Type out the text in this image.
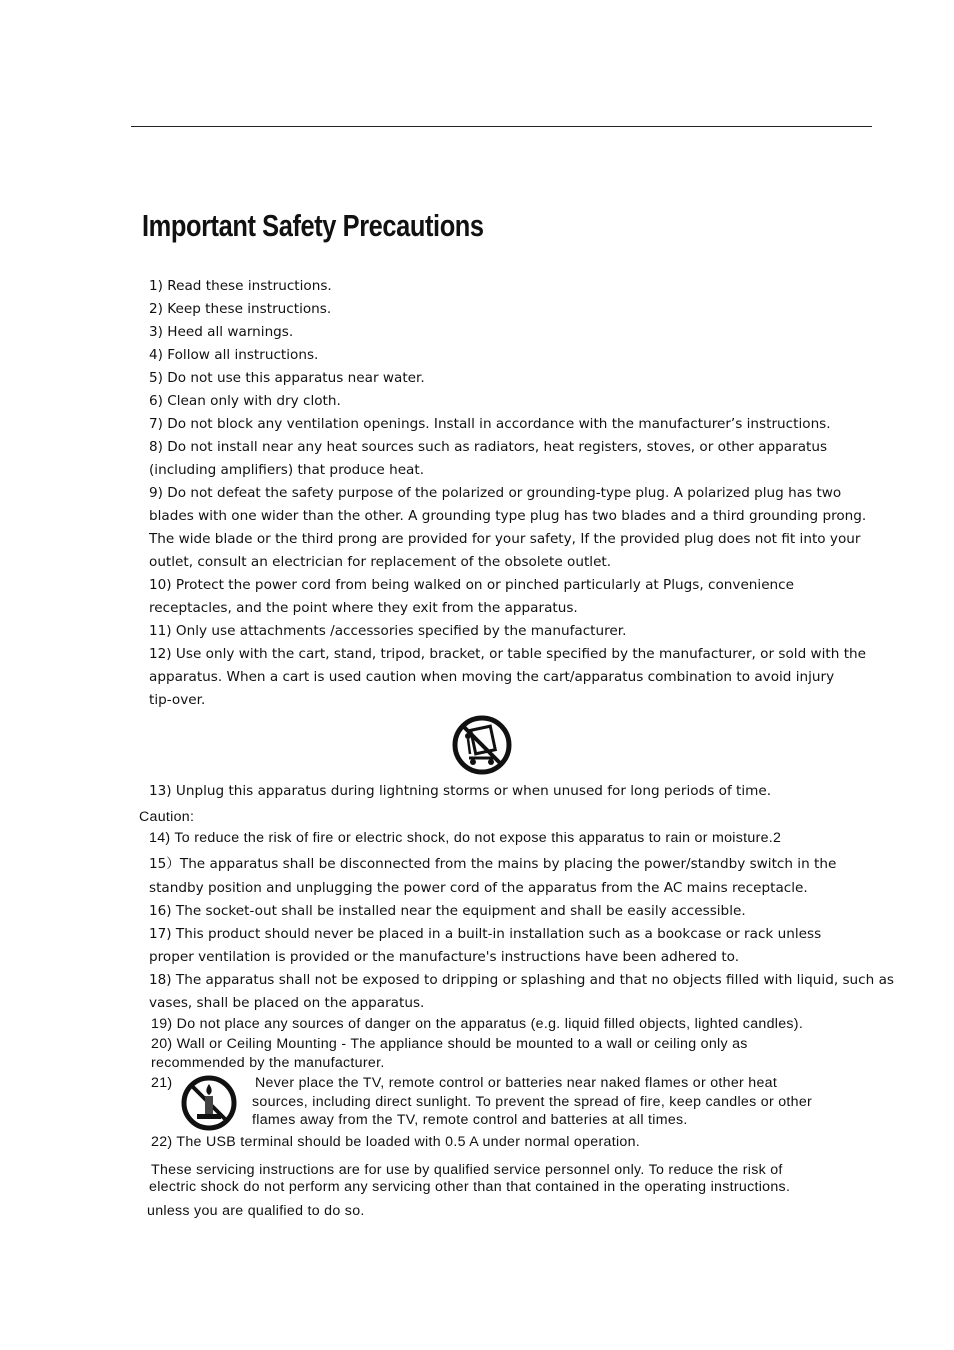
Important Safety Precautions
1) Read these instructions.
2) Keep these instructions.
3) Heed all warnings.
4) Follow all instructions.
5) Do not use this apparatus near water.
6) Clean only with dry cloth.
7) Do not block any ventilation openings. Install in accordance with the manufacturer’s instructions.
8) Do not install near any heat sources such as radiators, heat registers, stoves, or other apparatus
(including amplifiers) that produce heat.
9) Do not defeat the safety purpose of the polarized or grounding-type plug. A polarized plug has two
blades with one wider than the other. A grounding type plug has two blades and a third grounding prong.
The wide blade or the third prong are provided for your safety, If the provided plug does not fit into your
outlet, consult an electrician for replacement of the obsolete outlet.
10) Protect the power cord from being walked on or pinched particularly at Plugs, convenience
receptacles, and the point where they exit from the apparatus.
11) Only use attachments /accessories specified by the manufacturer.
12) Use only with the cart, stand, tripod, bracket, or table specified by the manufacturer, or sold with the
apparatus. When a cart is used caution when moving the cart/apparatus combination to avoid injury
tip-over.
13) Unplug this apparatus during lightning storms or when unused for long periods of time.
Caution:
14) To reduce the risk of fire or electric shock, do not expose this apparatus to rain or moisture.2
15）The apparatus shall be disconnected from the mains by placing the power/standby switch in the
standby position and unplugging the power cord of the apparatus from the AC mains receptacle.
16) The socket-out shall be installed near the equipment and shall be easily accessible.
17) This product should never be placed in a built-in installation such as a bookcase or rack unless
proper ventilation is provided or the manufacture's instructions have been adhered to.
18) The apparatus shall not be exposed to dripping or splashing and that no objects filled with liquid, such as
vases, shall be placed on the apparatus.
19) Do not place any sources of danger on the apparatus (e.g. liquid filled objects, lighted candles).
20) Wall or Ceiling Mounting - The appliance should be mounted to a wall or ceiling only as
recommended by the manufacturer.
21)	Never place the TV, remote control or batteries near naked flames or other heat
sources, including direct sunlight. To prevent the spread of fire, keep candles or other
flames away from the TV, remote control and batteries at all times.
22) The USB terminal should be loaded with 0.5 A under normal operation.
These servicing instructions are for use by qualified service personnel only. To reduce the risk of
electric shock do not perform any servicing other than that contained in the operating instructions.
unless you are qualified to do so.
